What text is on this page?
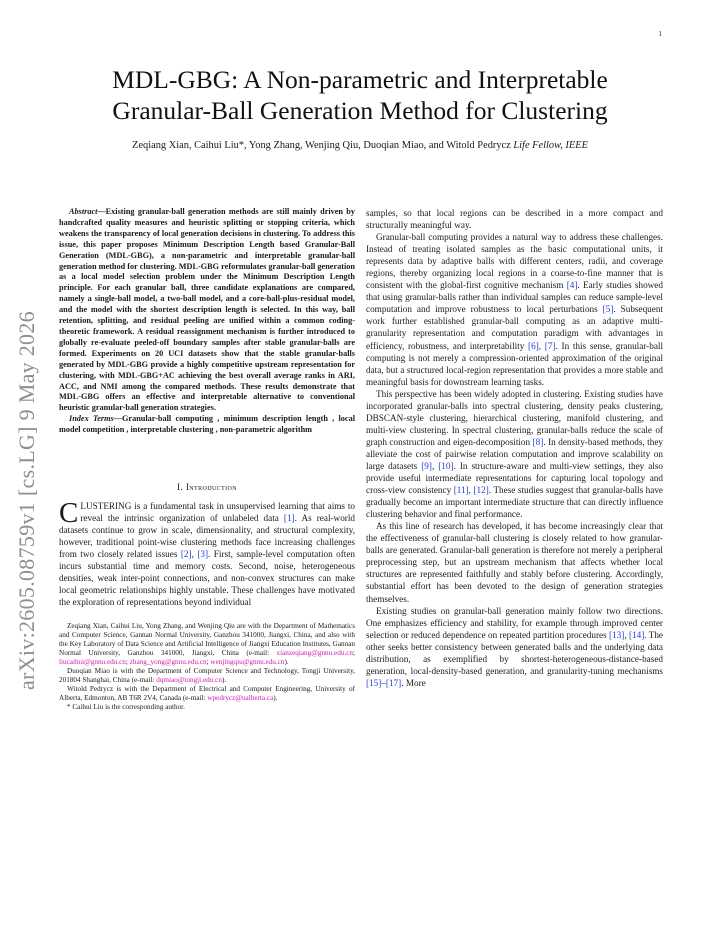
1
arXiv:2605.08759v1 [cs.LG] 9 May 2026
MDL-GBG: A Non-parametric and Interpretable
Granular-Ball Generation Method for Clustering
Zeqiang Xian, Caihui Liu*, Yong Zhang, Wenjing Qiu, Duoqian Miao, and Witold Pedrycz Life Fellow, IEEE

Abstract—Existing granular-ball generation methods are still mainly driven by handcrafted quality measures and heuristic splitting or stopping criteria, which weakens the transparency of local generation decisions in clustering. To address this issue, this paper proposes Minimum Description Length based Granular-Ball Generation (MDL-GBG), a non-parametric and interpretable granular-ball generation method for clustering. MDL-GBG reformulates granular-ball generation as a local model selection problem under the Minimum Description Length principle. For each granular ball, three candidate explanations are compared, namely a single-ball model, a two-ball model, and a core-ball-plus-residual model, and the model with the shortest description length is selected. In this way, ball retention, splitting, and residual peeling are unified within a common coding-theoretic framework. A residual reassignment mechanism is further introduced to globally re-evaluate peeled-off boundary samples after stable granular-balls are formed. Experiments on 20 UCI datasets show that the stable granular-balls generated by MDL-GBG provide a highly competitive upstream representation for clustering, with MDL-GBG+AC achieving the best overall average ranks in ARI, ACC, and NMI among the compared methods. These results demonstrate that MDL-GBG offers an effective and interpretable alternative to conventional heuristic granular-ball generation strategies.

Index Terms—Granular-ball computing , minimum description length , local model competition , interpretable clustering , non-parametric algorithm

I. Introduction

CLUSTERING is a fundamental task in unsupervised learning that aims to reveal the intrinsic organization of unlabeled data [1]. As real-world datasets continue to grow in scale, dimensionality, and structural complexity, however, traditional point-wise clustering methods face increasing challenges from two closely related issues [2], [3]. First, sample-level computation often incurs substantial time and memory costs. Second, noise, heterogeneous densities, weak inter-point connections, and non-convex structures can make local geometric relationships highly unstable. These challenges have motivated the exploration of representations beyond individual

Zeqiang Xian, Caihui Liu, Yong Zhang, and Wenjing Qiu are with the Department of Mathematics and Computer Science, Gannan Normal University, Ganzhou 341000, Jiangxi, China, and also with the Key Laboratory of Data Science and Artificial Intelligence of Jiangxi Education Institutes, Gannan Normal University, Ganzhou 341000, Jiangxi, China (e-mail: xianzeqiang@gnnu.edu.cn; liucaihui@gnnu.edu.cn; zhang_yong@gnnu.edu.cn; wenjingqiu@gnnu.edu.cn).

Duoqian Miao is with the Department of Computer Science and Technology, Tongji University, 201804 Shanghai, China (e-mail: dqmiao@tongji.edu.cn).

Witold Pedrycz is with the Department of Electrical and Computer Engineering, University of Alberta, Edmonton, AB T6R 2V4, Canada (e-mail: wpedrycz@ualberta.ca).

* Caihui Liu is the corresponding author.

samples, so that local regions can be described in a more compact and structurally meaningful way.

Granular-ball computing provides a natural way to address these challenges. Instead of treating isolated samples as the basic computational units, it represents data by adaptive balls with different centers, radii, and coverage regions, thereby organizing local regions in a coarse-to-fine manner that is consistent with the global-first cognitive mechanism [4]. Early studies showed that using granular-balls rather than individual samples can reduce sample-level computation and improve robustness to local perturbations [5]. Subsequent work further established granular-ball computing as an adaptive multi-granularity representation and computation paradigm with advantages in efficiency, robustness, and interpretability [6], [7]. In this sense, granular-ball computing is not merely a compression-oriented approximation of the original data, but a structured local-region representation that provides a more stable and meaningful basis for downstream learning tasks.

This perspective has been widely adopted in clustering. Existing studies have incorporated granular-balls into spectral clustering, density peaks clustering, DBSCAN-style clustering, hierarchical clustering, manifold clustering, and multi-view clustering. In spectral clustering, granular-balls reduce the scale of graph construction and eigen-decomposition [8]. In density-based methods, they alleviate the cost of pairwise relation computation and improve scalability on large datasets [9], [10]. In structure-aware and multi-view settings, they also provide useful intermediate representations for capturing local topology and cross-view consistency [11], [12]. These studies suggest that granular-balls have gradually become an important intermediate structure that can directly influence clustering behavior and final performance.

As this line of research has developed, it has become increasingly clear that the effectiveness of granular-ball clustering is closely related to how granular-balls are generated. Granular-ball generation is therefore not merely a peripheral preprocessing step, but an upstream mechanism that affects whether local structures are represented faithfully and stably before clustering. Accordingly, substantial effort has been devoted to the design of generation strategies themselves.

Existing studies on granular-ball generation mainly follow two directions. One emphasizes efficiency and stability, for example through improved center selection or reduced dependence on repeated partition procedures [13], [14]. The other seeks better consistency between generated balls and the underlying data distribution, as exemplified by shortest-heterogeneous-distance-based generation, local-density-based generation, and granularity-tuning mechanisms [15]–[17]. More
